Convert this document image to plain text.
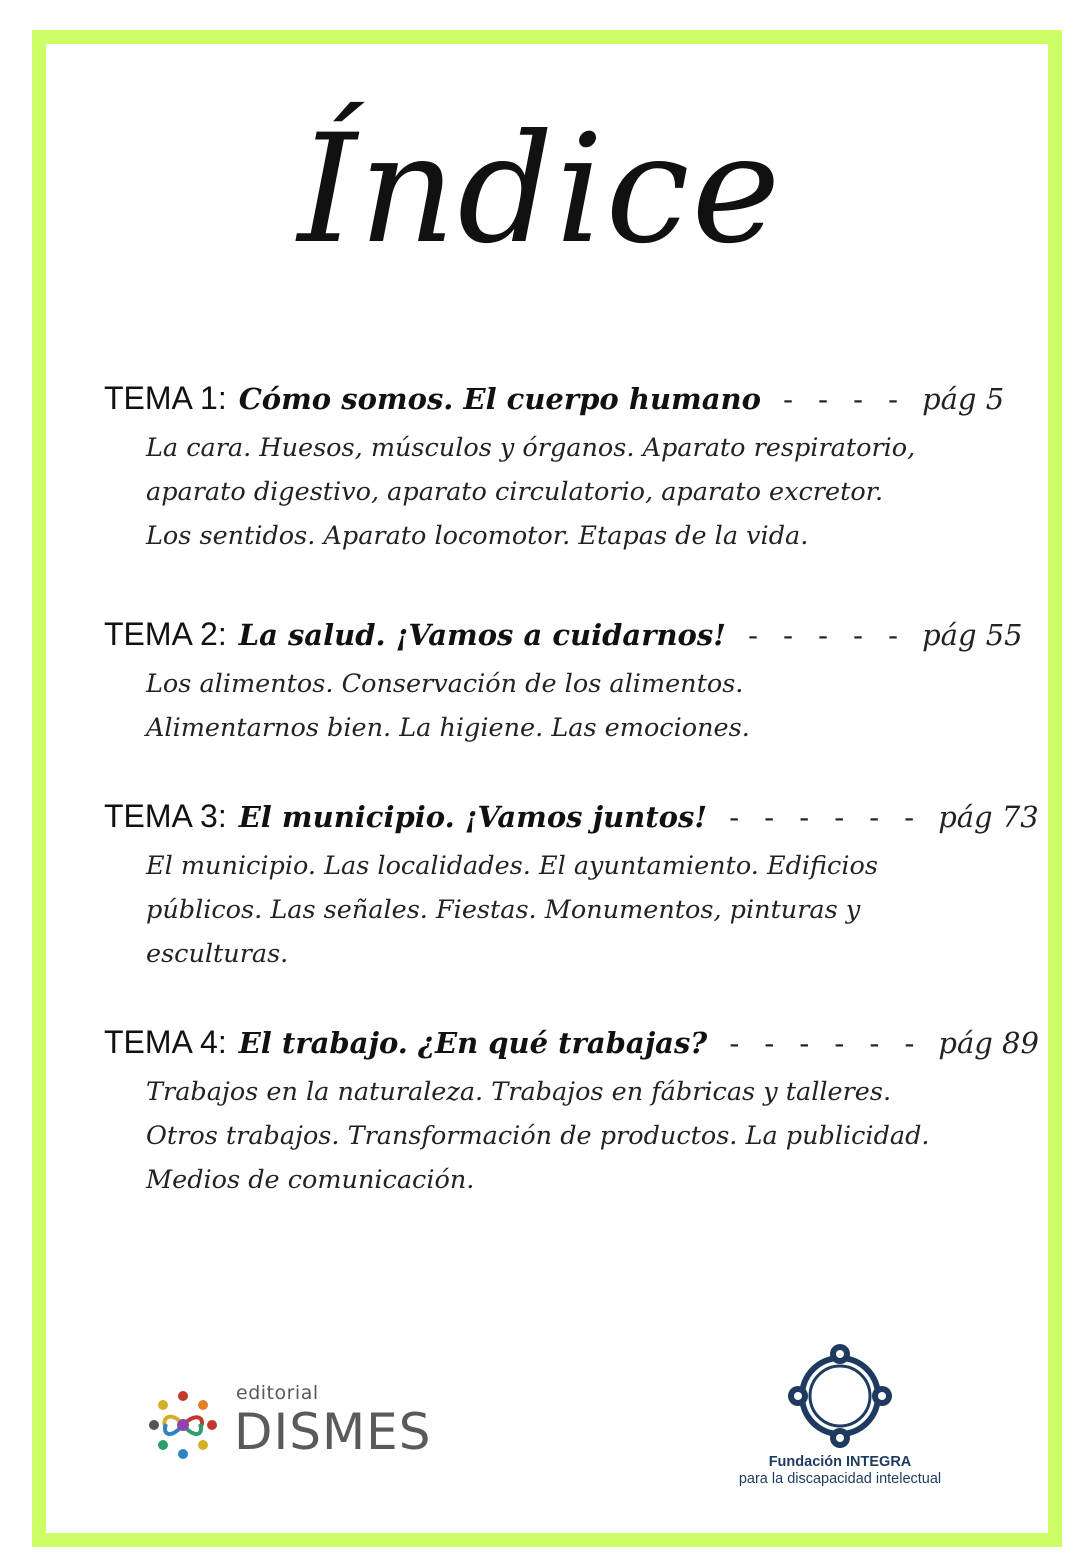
Índice
TEMA 1: Cómo somos. El cuerpo humano - - - - pág 5
La cara. Huesos, músculos y órganos. Aparato respiratorio,
aparato digestivo, aparato circulatorio, aparato excretor.
Los sentidos. Aparato locomotor. Etapas de la vida.
TEMA 2: La salud. ¡Vamos a cuidarnos! - - - - - pág 55
Los alimentos. Conservación de los alimentos.
Alimentarnos bien. La higiene. Las emociones.
TEMA 3: El municipio. ¡Vamos juntos! - - - - - - pág 73
El municipio. Las localidades. El ayuntamiento. Edificios
públicos. Las señales. Fiestas. Monumentos, pinturas y
esculturas.
TEMA 4: El trabajo. ¿En qué trabajas? - - - - - - pág 89
Trabajos en la naturaleza. Trabajos en fábricas y talleres.
Otros trabajos. Transformación de productos. La publicidad.
Medios de comunicación.
editorial
DISMES
Fundación INTEGRA
para la discapacidad intelectual
